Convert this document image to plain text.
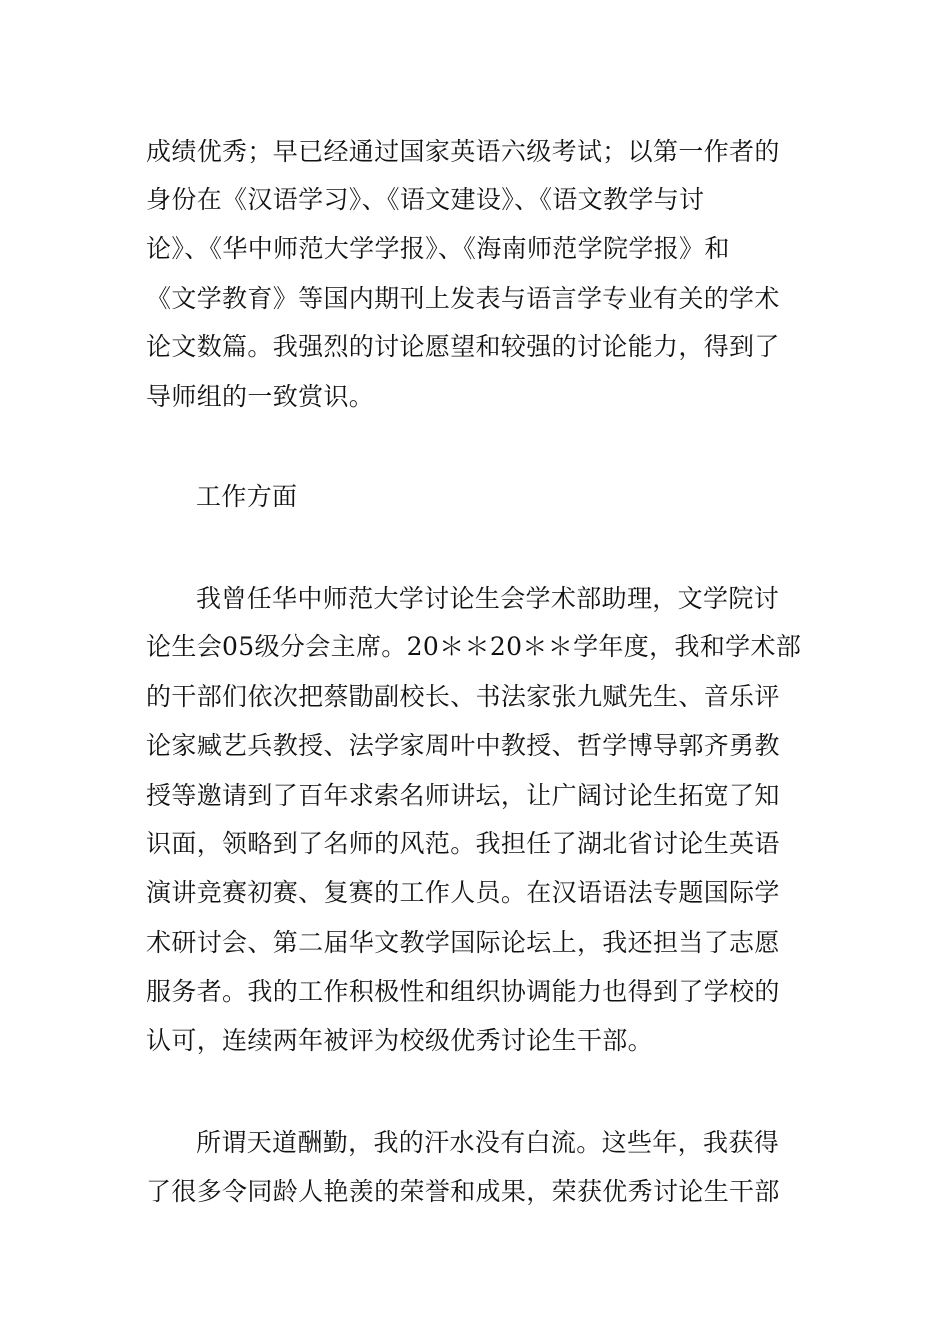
成绩优秀；早已经通过国家英语六级考试；以第一作者的
身份在《汉语学习》、《语文建设》、《语文教学与讨
论》、《华中师范大学学报》、《海南师范学院学报》和
《文学教育》等国内期刊上发表与语言学专业有关的学术
论文数篇。我强烈的讨论愿望和较强的讨论能力，得到了
导师组的一致赏识。
工作方面
我曾任华中师范大学讨论生会学术部助理，文学院讨
论生会05级分会主席。20＊＊20＊＊学年度，我和学术部
的干部们依次把蔡勖副校长、书法家张九赋先生、音乐评
论家臧艺兵教授、法学家周叶中教授、哲学博导郭齐勇教
授等邀请到了百年求索名师讲坛，让广阔讨论生拓宽了知
识面，领略到了名师的风范。我担任了湖北省讨论生英语
演讲竞赛初赛、复赛的工作人员。在汉语语法专题国际学
术研讨会、第二届华文教学国际论坛上，我还担当了志愿
服务者。我的工作积极性和组织协调能力也得到了学校的
认可，连续两年被评为校级优秀讨论生干部。
所谓天道酬勤，我的汗水没有白流。这些年，我获得
了很多令同龄人艳羡的荣誉和成果，荣获优秀讨论生干部
